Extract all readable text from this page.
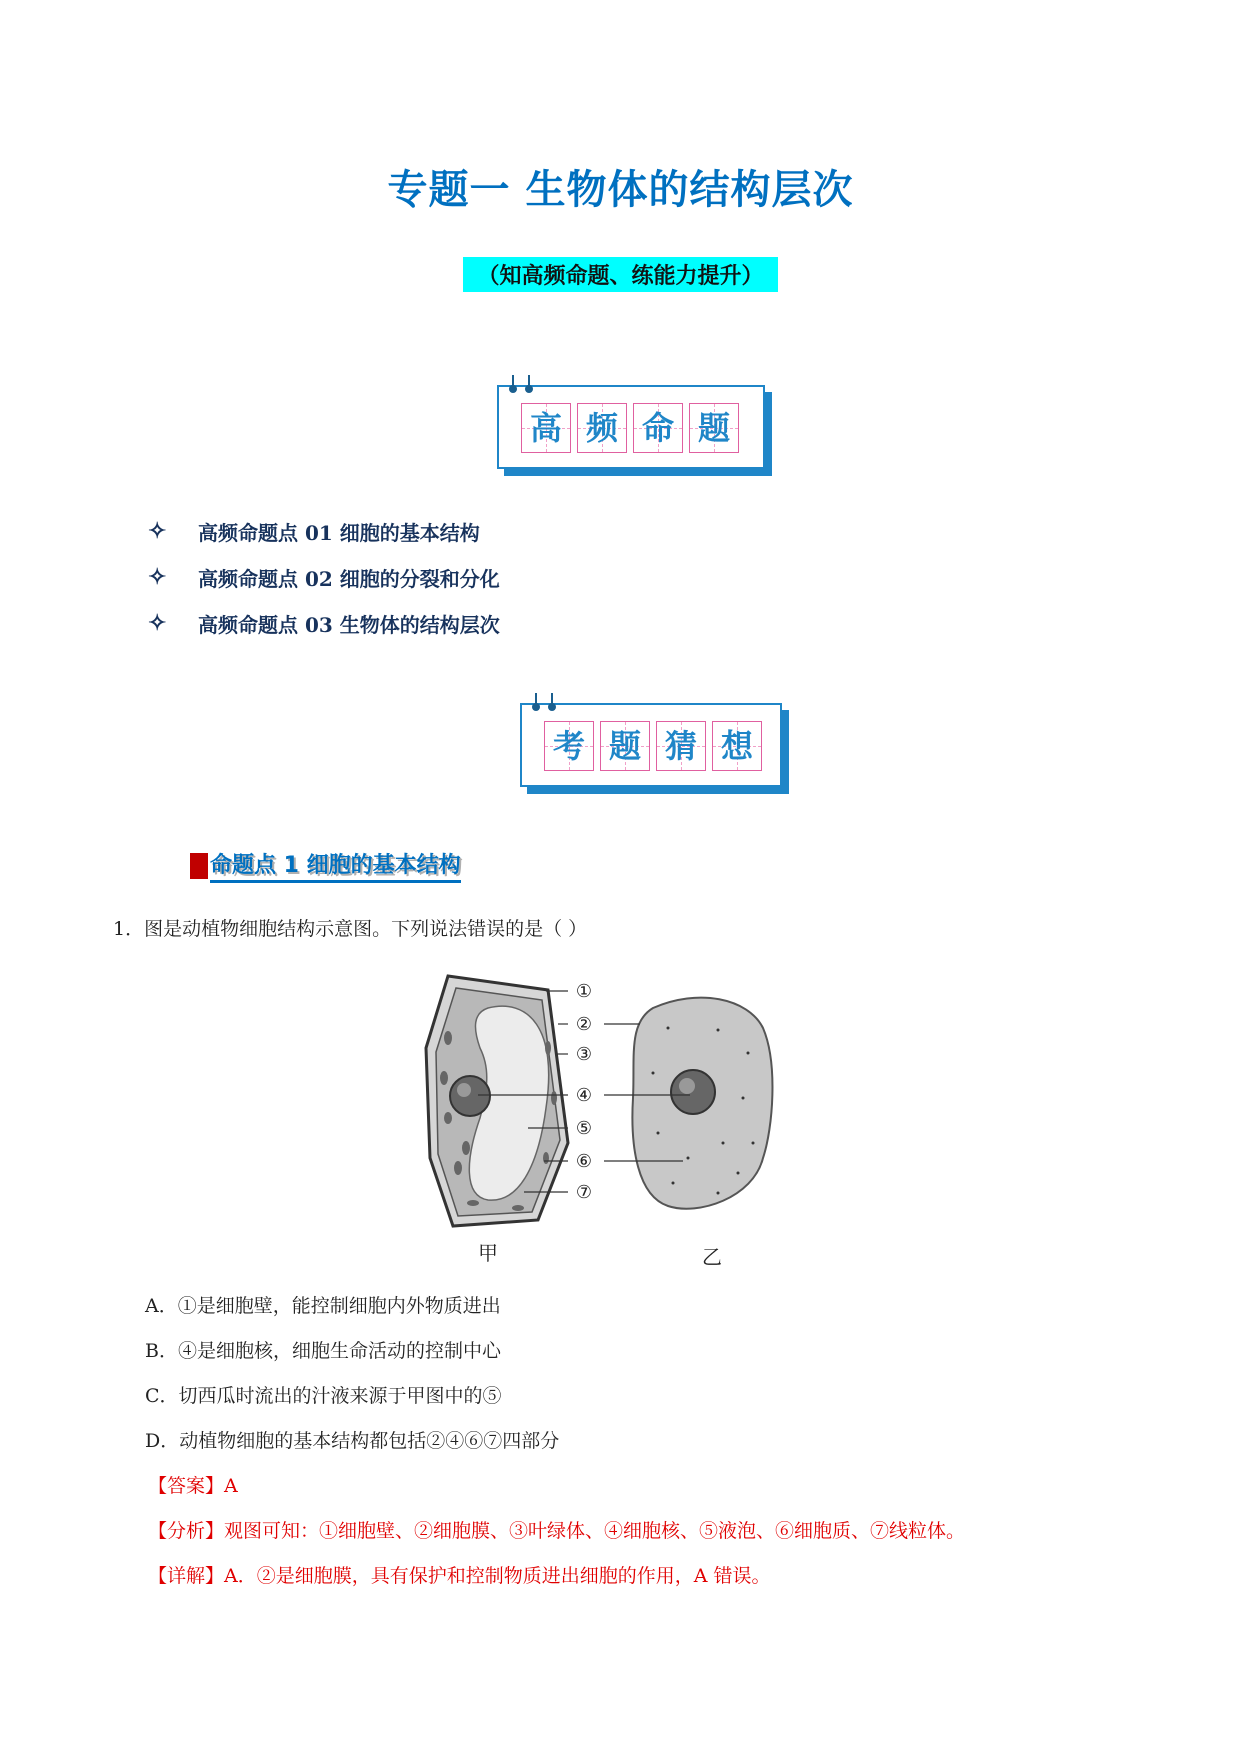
专题一 生物体的结构层次
（知高频命题、练能力提升）
高 频 命 题
✧	高频命题点 01 细胞的基本结构
✧	高频命题点 02 细胞的分裂和分化
✧	高频命题点 03 生物体的结构层次
考 题 猜 想
命题点 1 细胞的基本结构
1．图是动植物细胞结构示意图。下列说法错误的是（ ）
①
②
③
④
⑤
⑥
⑦
甲	乙
A．①是细胞壁，能控制细胞内外物质进出
B．④是细胞核，细胞生命活动的控制中心
C．切西瓜时流出的汁液来源于甲图中的⑤
D．动植物细胞的基本结构都包括②④⑥⑦四部分
【答案】A
【分析】观图可知：①细胞壁、②细胞膜、③叶绿体、④细胞核、⑤液泡、⑥细胞质、⑦线粒体。
【详解】A．②是细胞膜，具有保护和控制物质进出细胞的作用，A 错误。
